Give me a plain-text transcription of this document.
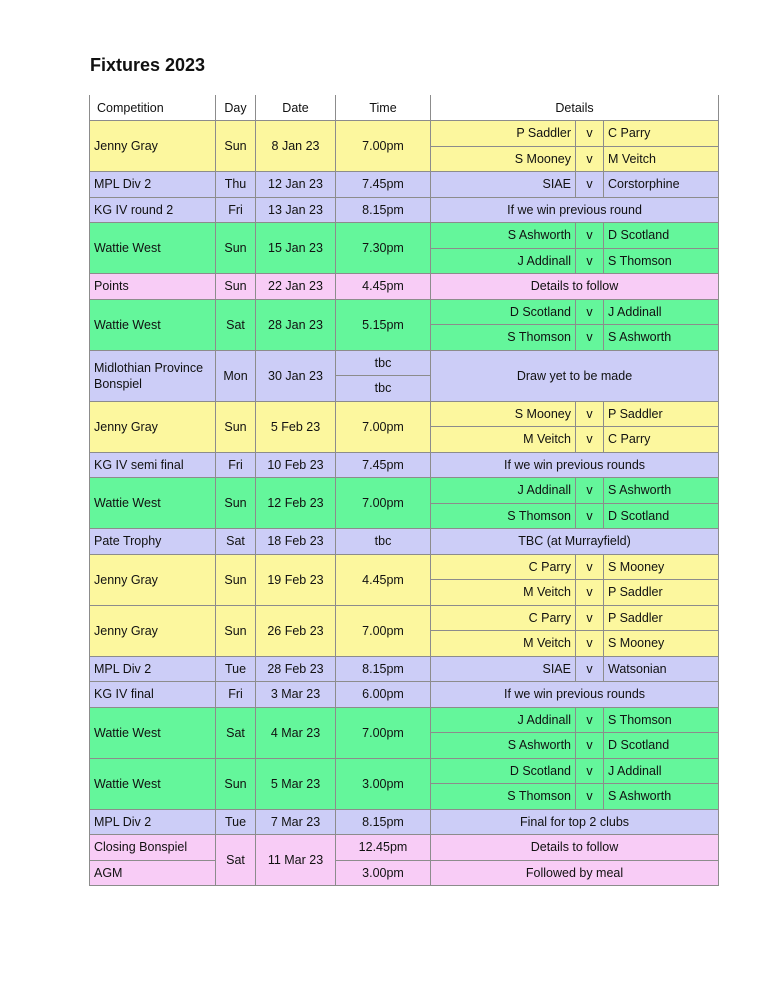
Fixtures 2023
Competition	Day	Date	Time	Details		
Jenny Gray	Sun	8 Jan 23	7.00pm	P Saddler	v	C Parry
				S Mooney	v	M Veitch
MPL Div 2	Thu	12 Jan 23	7.45pm	SIAE	v	Corstorphine
KG IV round 2	Fri	13 Jan 23	8.15pm	If we win previous round		
Wattie West	Sun	15 Jan 23	7.30pm	S Ashworth	v	D Scotland
				J Addinall	v	S Thomson
Points	Sun	22 Jan 23	4.45pm	Details to follow		
Wattie West	Sat	28 Jan 23	5.15pm	D Scotland	v	J Addinall
				S Thomson	v	S Ashworth
Midlothian Province Bonspiel	Mon	30 Jan 23	tbc	Draw yet to be made		
			tbc			
Jenny Gray	Sun	5 Feb 23	7.00pm	S Mooney	v	P Saddler
				M Veitch	v	C Parry
KG IV semi final	Fri	10 Feb 23	7.45pm	If we win previous rounds		
Wattie West	Sun	12 Feb 23	7.00pm	J Addinall	v	S Ashworth
				S Thomson	v	D Scotland
Pate Trophy	Sat	18 Feb 23	tbc	TBC (at Murrayfield)		
Jenny Gray	Sun	19 Feb 23	4.45pm	C Parry	v	S Mooney
				M Veitch	v	P Saddler
Jenny Gray	Sun	26 Feb 23	7.00pm	C Parry	v	P Saddler
				M Veitch	v	S Mooney
MPL Div 2	Tue	28 Feb 23	8.15pm	SIAE	v	Watsonian
KG IV final	Fri	3 Mar 23	6.00pm	If we win previous rounds		
Wattie West	Sat	4 Mar 23	7.00pm	J Addinall	v	S Thomson
				S Ashworth	v	D Scotland
Wattie West	Sun	5 Mar 23	3.00pm	D Scotland	v	J Addinall
				S Thomson	v	S Ashworth
MPL Div 2	Tue	7 Mar 23	8.15pm	Final for top 2 clubs		
Closing Bonspiel	Sat	11 Mar 23	12.45pm	Details to follow		
AGM			3.00pm	Followed by meal		
